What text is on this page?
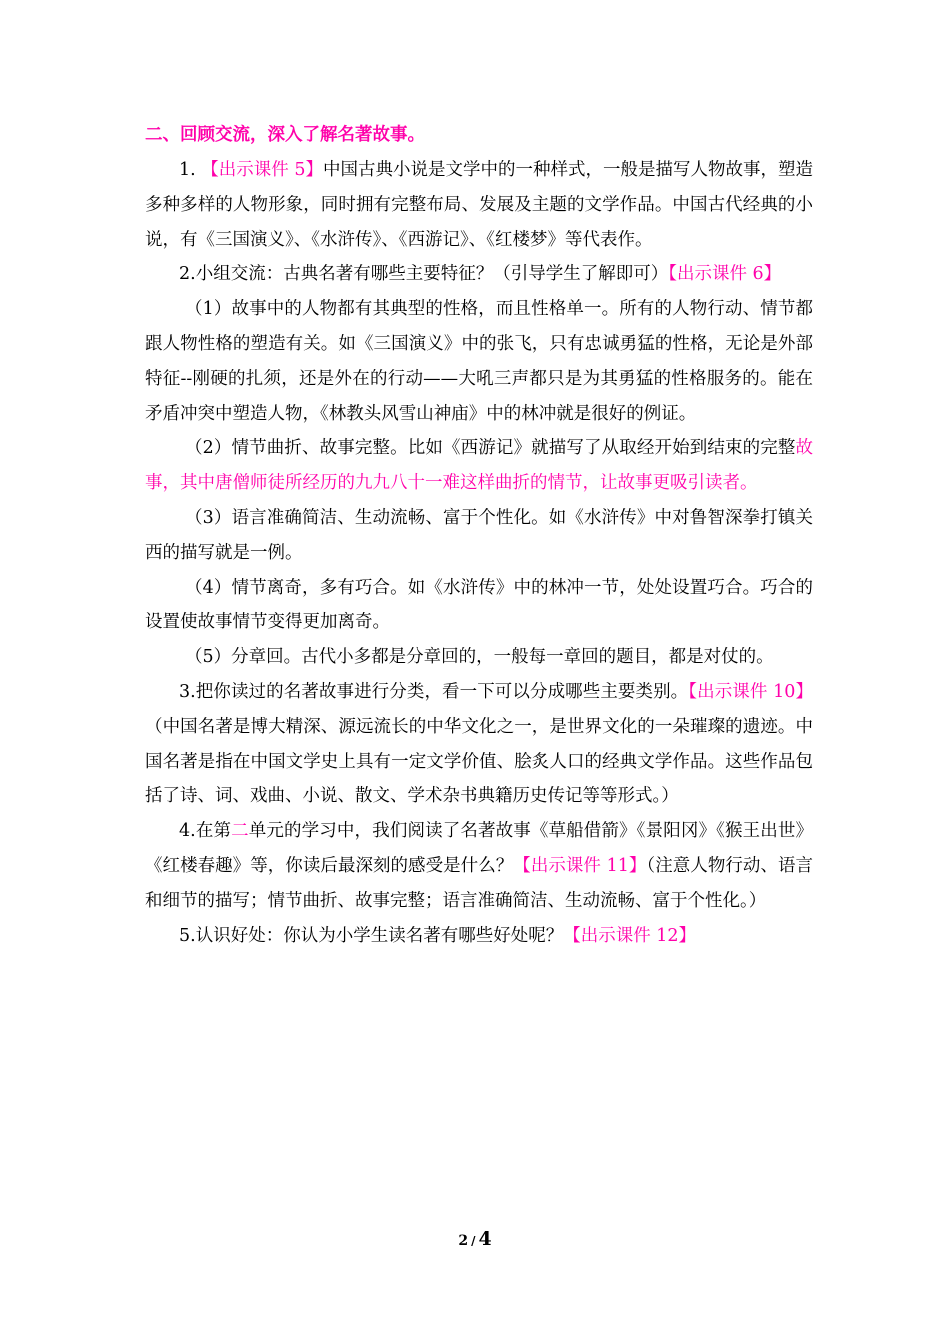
二、回顾交流，深入了解名著故事。

1. 【出示课件 5】中国古典小说是文学中的一种样式，一般是描写人物故事，塑造多种多样的人物形象，同时拥有完整布局、发展及主题的文学作品。中国古代经典的小说，有《三国演义》、《水浒传》、《西游记》、《红楼梦》等代表作。

2.小组交流：古典名著有哪些主要特征？（引导学生了解即可）【出示课件 6】

（1）故事中的人物都有其典型的性格，而且性格单一。所有的人物行动、情节都跟人物性格的塑造有关。如《三国演义》中的张飞，只有忠诚勇猛的性格，无论是外部特征--刚硬的扎须，还是外在的行动——大吼三声都只是为其勇猛的性格服务的。能在矛盾冲突中塑造人物，《林教头风雪山神庙》中的林冲就是很好的例证。

（2）情节曲折、故事完整。比如《西游记》就描写了从取经开始到结束的完整故事，其中唐僧师徒所经历的九九八十一难这样曲折的情节，让故事更吸引读者。

（3）语言准确简洁、生动流畅、富于个性化。如《水浒传》中对鲁智深拳打镇关西的描写就是一例。

（4）情节离奇，多有巧合。如《水浒传》中的林冲一节，处处设置巧合。巧合的设置使故事情节变得更加离奇。

（5）分章回。古代小多都是分章回的，一般每一章回的题目，都是对仗的。

3.把你读过的名著故事进行分类，看一下可以分成哪些主要类别。【出示课件 10】（中国名著是博大精深、源远流长的中华文化之一，是世界文化的一朵璀璨的遗迹。中国名著是指在中国文学史上具有一定文学价值、脍炙人口的经典文学作品。这些作品包括了诗、词、戏曲、小说、散文、学术杂书典籍历史传记等等形式。）

4.在第二单元的学习中，我们阅读了名著故事《草船借箭》《景阳冈》《猴王出世》《红楼春趣》等，你读后最深刻的感受是什么？【出示课件 11】（注意人物行动、语言和细节的描写；情节曲折、故事完整；语言准确简洁、生动流畅、富于个性化。）

5.认识好处：你认为小学生读名著有哪些好处呢？【出示课件 12】

2 / 4
